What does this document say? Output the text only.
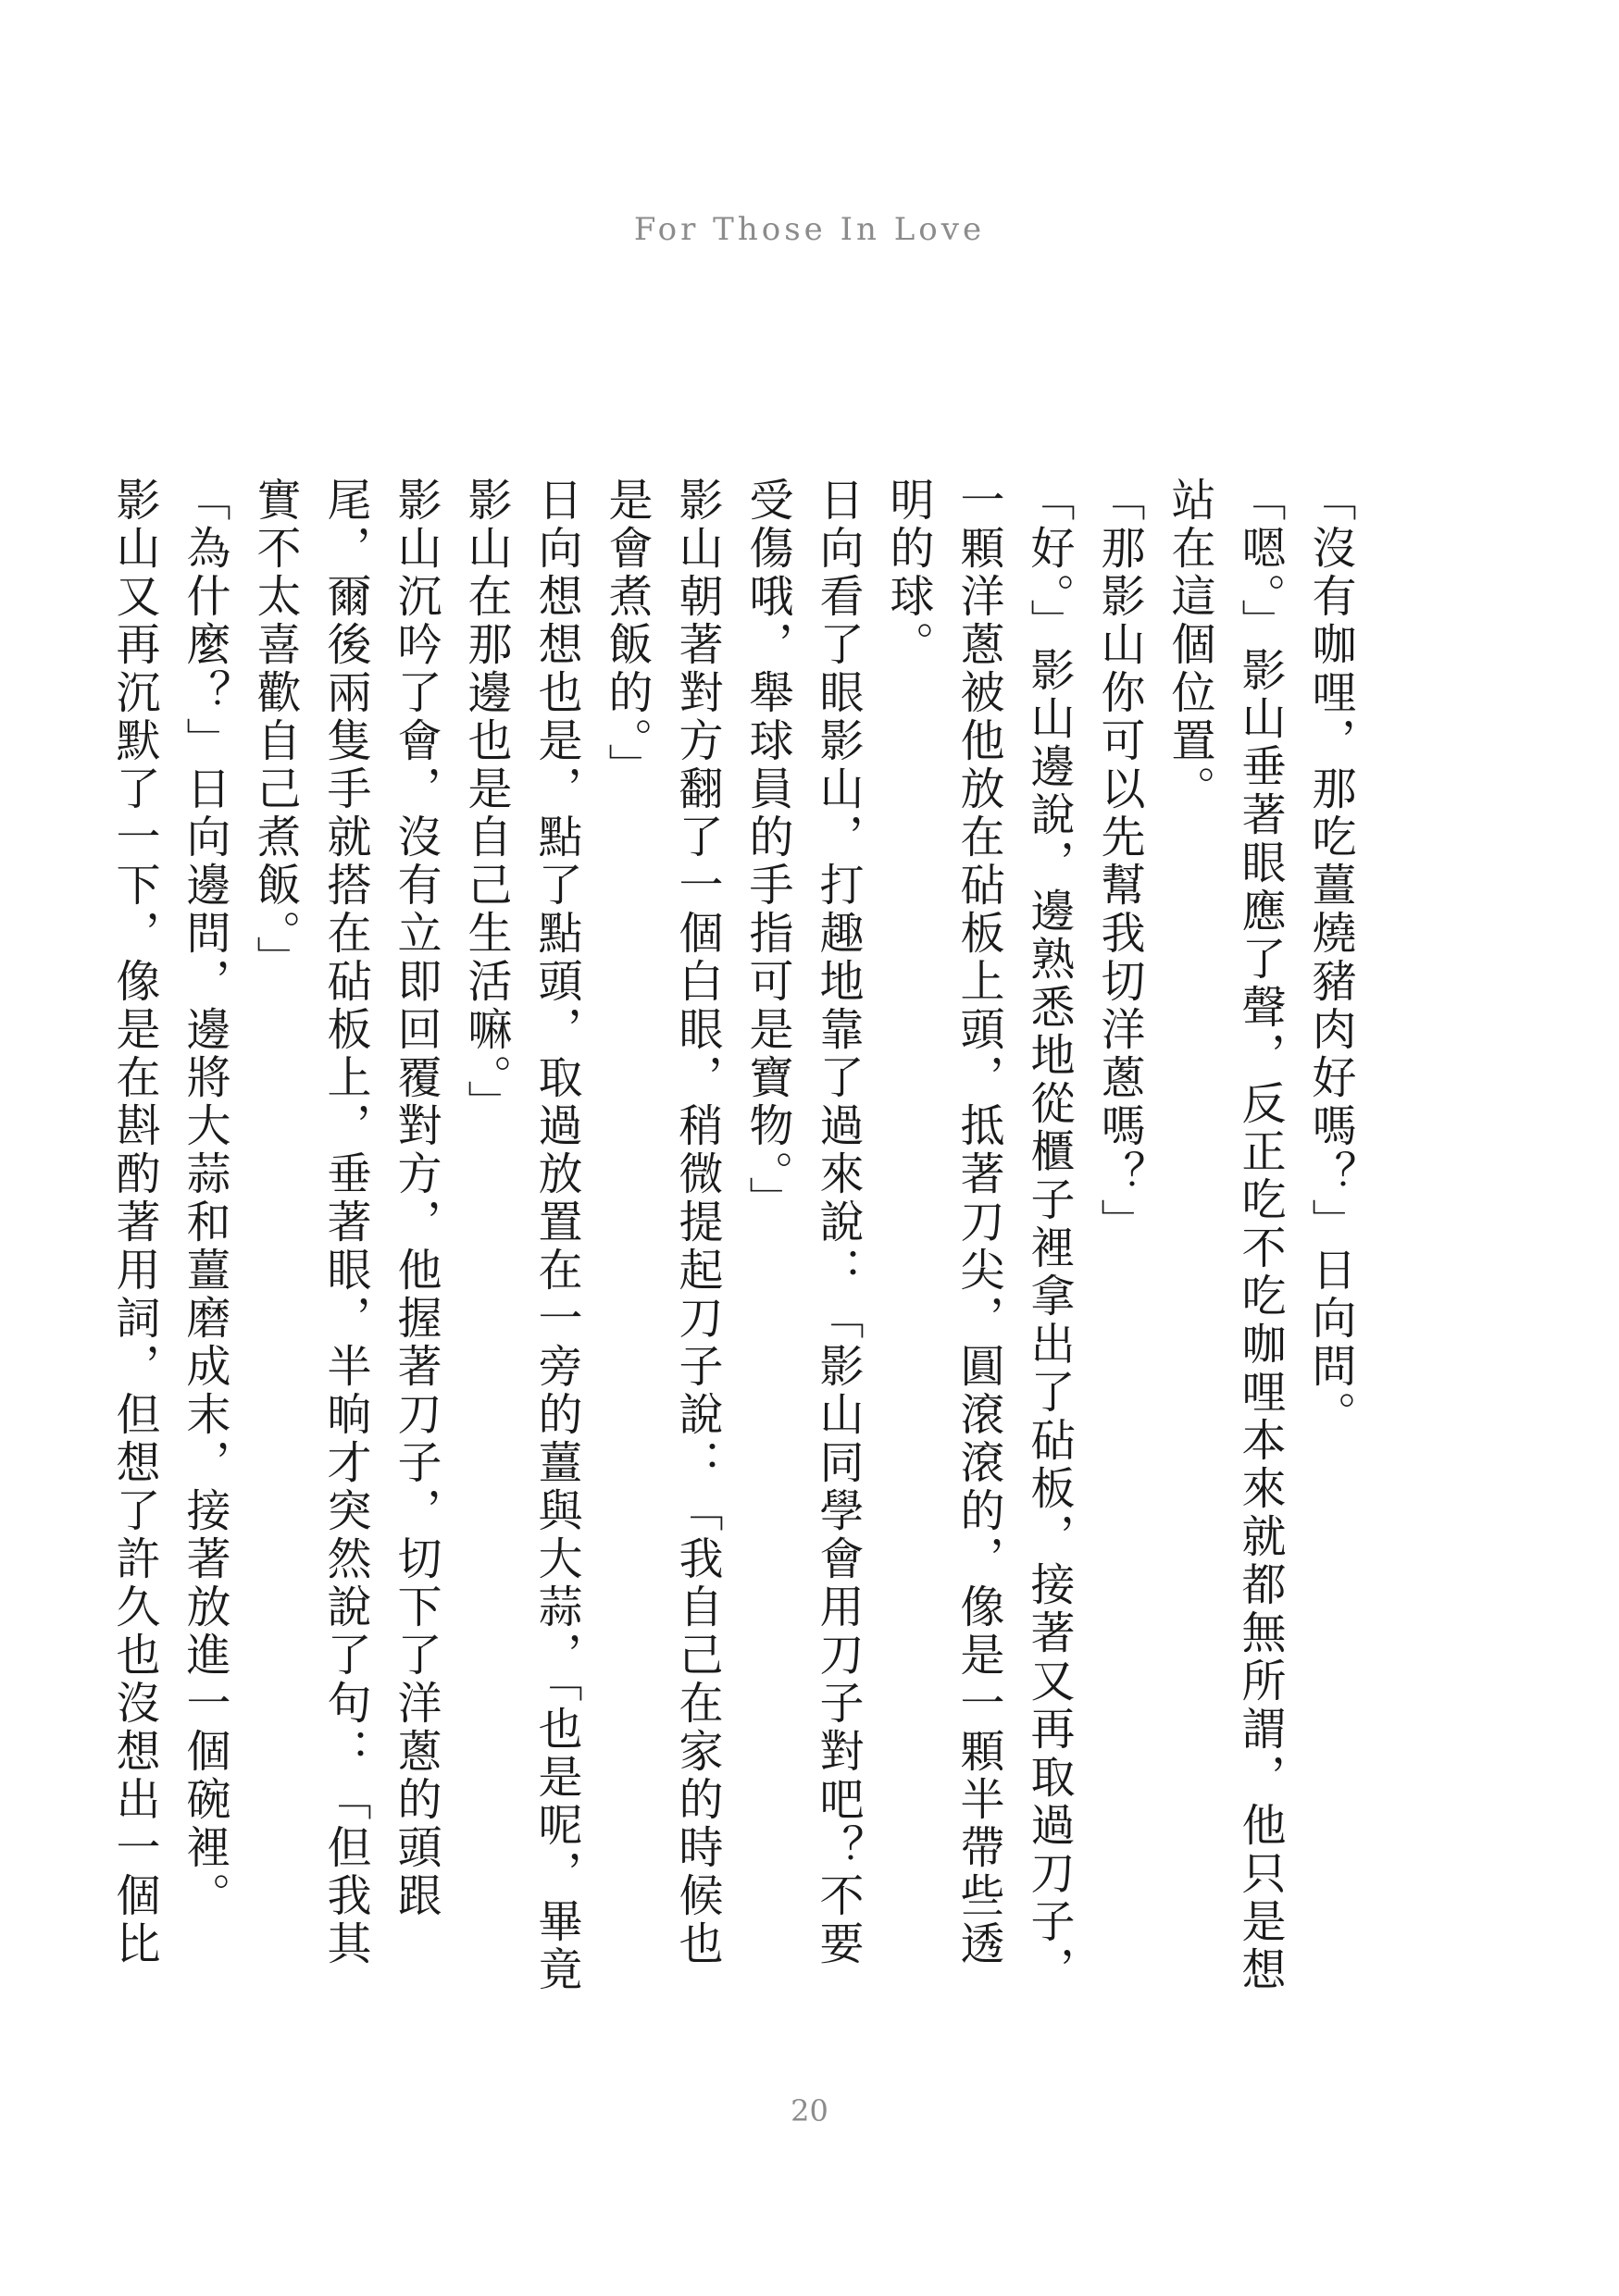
For Those In Love

「沒有咖哩，那吃薑燒豬肉好嗎？」日向問。

「嗯。」影山垂著眼應了聲，反正吃不吃咖哩本來就都無所謂，他只是想站在這個位置。

「那影山你可以先幫我切洋蔥嗎？」

「好。」影山邊說，邊熟悉地從櫃子裡拿出了砧板，接著又再取過刀子，一顆洋蔥被他放在砧板上頭，抵著刀尖，圓滾滾的，像是一顆半帶些透明的球。

日向看了眼影山，打趣地靠了過來說：「影山同學會用刀子對吧？不要受傷哦，舉球員的手指可是寶物。」

影山朝著對方翻了一個白眼，稍微提起刀子說：「我自己在家的時候也是會煮飯的。」

日向想想也是，點了點頭，取過放置在一旁的薑與大蒜，「也是呢，畢竟影山在那邊也是自己生活嘛。」

影山沉吟了會，沒有立即回覆對方，他握著刀子，切下了洋蔥的頭跟尾，爾後兩隻手就搭在砧板上，垂著眼，半晌才突然說了句：「但我其實不太喜歡自己煮飯。」

「為什麼？」日向邊問，邊將大蒜和薑磨成末，接著放進一個碗裡。

影山又再沉默了一下，像是在斟酌著用詞，但想了許久也沒想出一個比

20
